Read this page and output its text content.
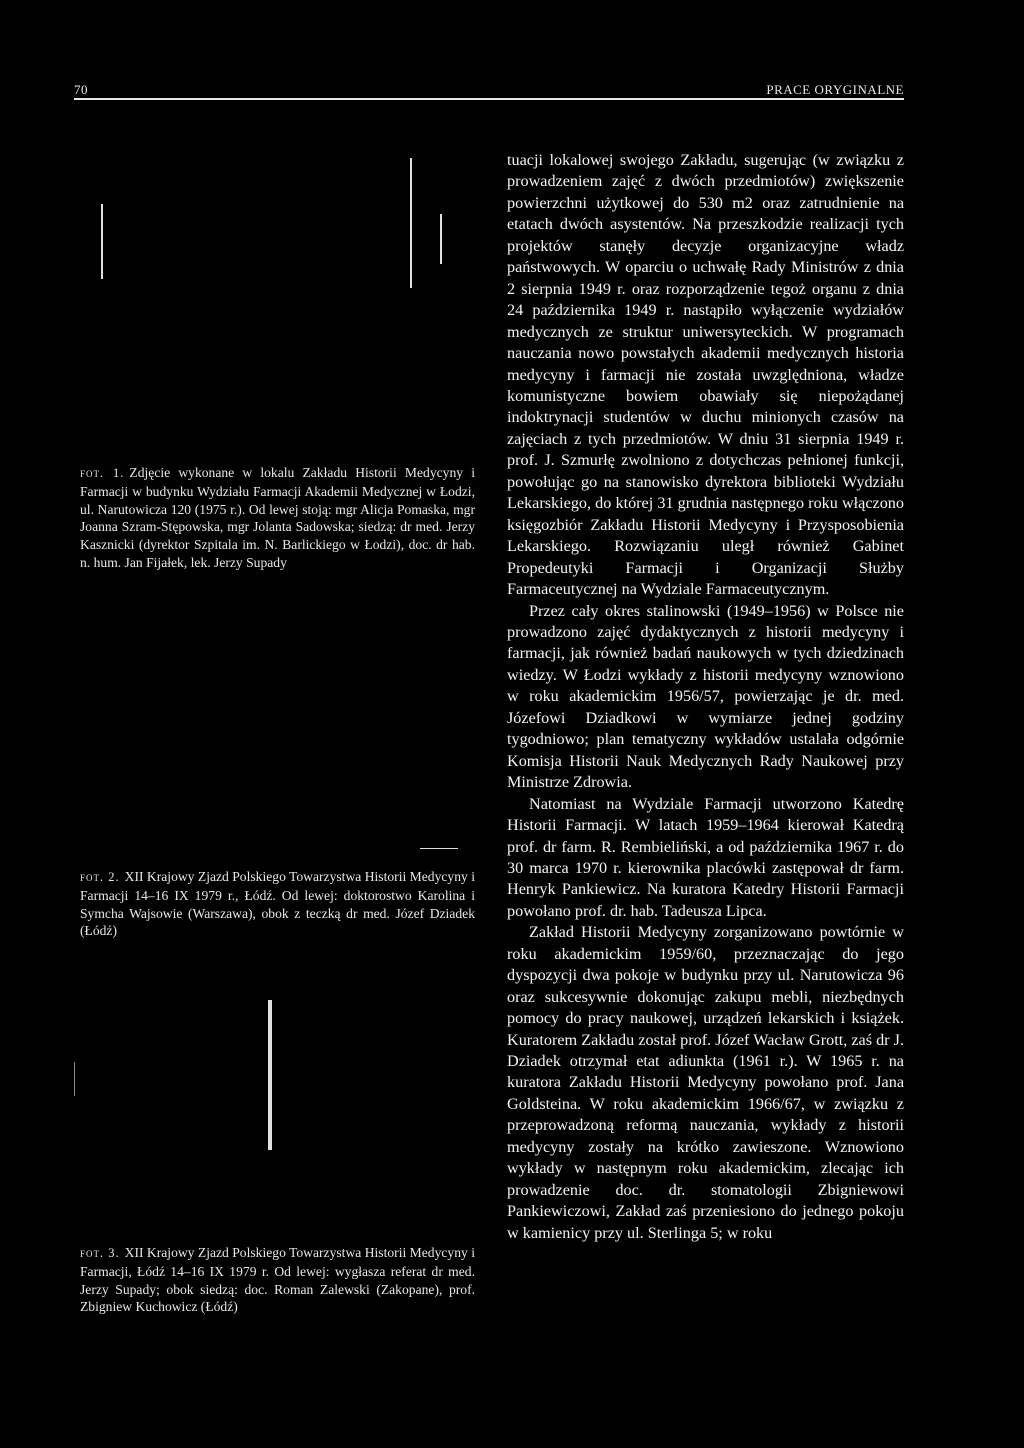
70	PRACE ORYGINALNE
fot. 1. Zdjęcie wykonane w lokalu Zakładu Historii Medycyny i Farmacji w budynku Wydziału Farmacji Akademii Medycznej w Łodzi, ul. Narutowicza 120 (1975 r.). Od lewej stoją: mgr Alicja Pomaska, mgr Joanna Szram-Stępowska, mgr Jolanta Sadowska; siedzą: dr med. Jerzy Kasznicki (dyrektor Szpitala im. N. Barlickiego w Łodzi), doc. dr hab. n. hum. Jan Fijałek, lek. Jerzy Supady
fot. 2. XII Krajowy Zjazd Polskiego Towarzystwa Historii Medycyny i Farmacji 14–16 IX 1979 r., Łódź. Od lewej: doktorostwo Karolina i Symcha Wajsowie (Warszawa), obok z teczką dr med. Józef Dziadek (Łódź)
fot. 3. XII Krajowy Zjazd Polskiego Towarzystwa Historii Medycyny i Farmacji, Łódź 14–16 IX 1979 r. Od lewej: wygłasza referat dr med. Jerzy Supady; obok siedzą: doc. Roman Zalewski (Zakopane), prof. Zbigniew Kuchowicz (Łódź)

tuacji lokalowej swojego Zakładu, sugerując (w związku z prowadzeniem zajęć z dwóch przedmiotów) zwiększenie powierzchni użytkowej do 530 m2 oraz zatrudnienie na etatach dwóch asystentów. Na przeszkodzie realizacji tych projektów stanęły decyzje organizacyjne władz państwowych. W oparciu o uchwałę Rady Ministrów z dnia 2 sierpnia 1949 r. oraz rozporządzenie tegoż organu z dnia 24 października 1949 r. nastąpiło wyłączenie wydziałów medycznych ze struktur uniwersyteckich. W programach nauczania nowo powstałych akademii medycznych historia medycyny i farmacji nie została uwzględniona, władze komunistyczne bowiem obawiały się niepożądanej indoktrynacji studentów w duchu minionych czasów na zajęciach z tych przedmiotów. W dniu 31 sierpnia 1949 r. prof. J. Szmurłę zwolniono z dotychczas pełnionej funkcji, powołując go na stanowisko dyrektora biblioteki Wydziału Lekarskiego, do której 31 grudnia następnego roku włączono księgozbiór Zakładu Historii Medycyny i Przysposobienia Lekarskiego. Rozwiązaniu uległ również Gabinet Propedeutyki Farmacji i Organizacji Służby Farmaceutycznej na Wydziale Farmaceutycznym.

Przez cały okres stalinowski (1949–1956) w Polsce nie prowadzono zajęć dydaktycznych z historii medycyny i farmacji, jak również badań naukowych w tych dziedzinach wiedzy. W Łodzi wykłady z historii medycyny wznowiono w roku akademickim 1956/57, powierzając je dr. med. Józefowi Dziadkowi w wymiarze jednej godziny tygodniowo; plan tematyczny wykładów ustalała odgórnie Komisja Historii Nauk Medycznych Rady Naukowej przy Ministrze Zdrowia.

Natomiast na Wydziale Farmacji utworzono Katedrę Historii Farmacji. W latach 1959–1964 kierował Katedrą prof. dr farm. R. Rembieliński, a od października 1967 r. do 30 marca 1970 r. kierownika placówki zastępował dr farm. Henryk Pankiewicz. Na kuratora Katedry Historii Farmacji powołano prof. dr. hab. Tadeusza Lipca.

Zakład Historii Medycyny zorganizowano powtórnie w roku akademickim 1959/60, przeznaczając do jego dyspozycji dwa pokoje w budynku przy ul. Narutowicza 96 oraz sukcesywnie dokonując zakupu mebli, niezbędnych pomocy do pracy naukowej, urządzeń lekarskich i książek. Kuratorem Zakładu został prof. Józef Wacław Grott, zaś dr J. Dziadek otrzymał etat adiunkta (1961 r.). W 1965 r. na kuratora Zakładu Historii Medycyny powołano prof. Jana Goldsteina. W roku akademickim 1966/67, w związku z przeprowadzoną reformą nauczania, wykłady z historii medycyny zostały na krótko zawieszone. Wznowiono wykłady w następnym roku akademickim, zlecając ich prowadzenie doc. dr. stomatologii Zbigniewowi Pankiewiczowi, Zakład zaś przeniesiono do jednego pokoju w kamienicy przy ul. Sterlinga 5; w roku
